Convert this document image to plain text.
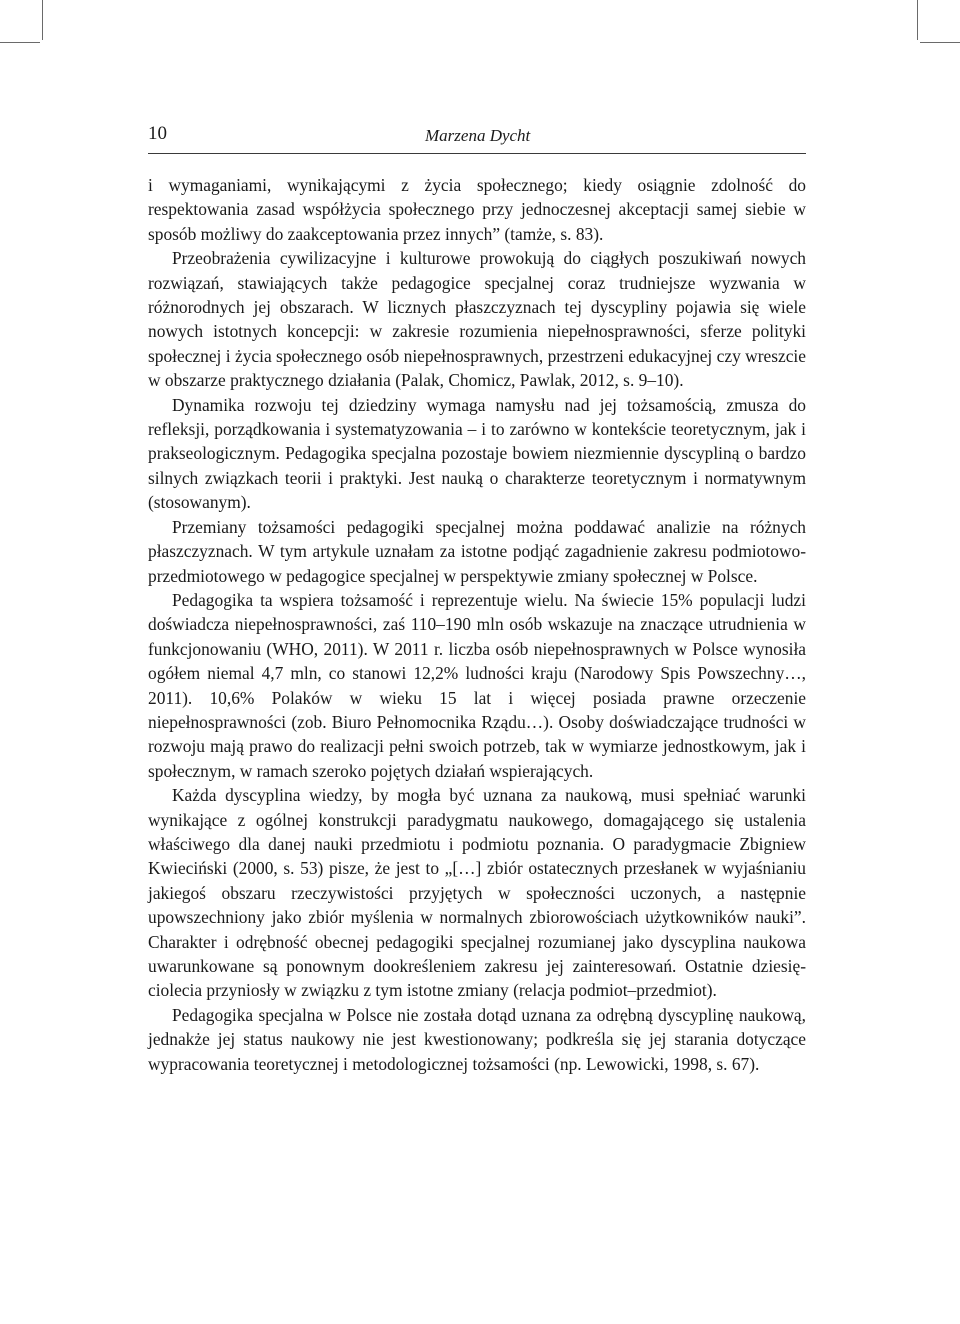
10	Marzena Dycht

i wymaganiami, wynikającymi z życia społecznego; kiedy osiągnie zdolność do respektowania zasad współżycia społecznego przy jednoczesnej akceptacji samej siebie w sposób możliwy do zaakceptowania przez innych” (tamże, s. 83).

Przeobrażenia cywilizacyjne i kulturowe prowokują do ciągłych poszukiwań nowych rozwiązań, stawiających także pedagogice specjalnej coraz trudniejsze wyzwania w różnorodnych jej obszarach. W licznych płaszczyznach tej dyscypliny pojawia się wiele nowych istotnych koncepcji: w zakresie rozumienia niepełnosprawności, sferze polityki społecznej i życia społecznego osób niepełnosprawnych, przestrzeni edukacyjnej czy wreszcie w obszarze praktycznego działania (Palak, Chomicz, Pawlak, 2012, s. 9–10).

Dynamika rozwoju tej dziedziny wymaga namysłu nad jej tożsamością, zmusza do refleksji, porządkowania i systematyzowania – i to zarówno w kontekście teoretycznym, jak i prakseologicznym. Pedagogika specjalna pozostaje bowiem niezmiennie dyscypliną o bardzo silnych związkach teorii i praktyki. Jest nauką o charakterze teoretycznym i normatywnym (stosowanym).

Przemiany tożsamości pedagogiki specjalnej można poddawać analizie na różnych płaszczyznach. W tym artykule uznałam za istotne podjąć zagadnienie zakresu podmiotowo-przedmiotowego w pedagogice specjalnej w perspektywie zmiany społecznej w Polsce.

Pedagogika ta wspiera tożsamość i reprezentuje wielu. Na świecie 15% populacji ludzi doświadcza niepełnosprawności, zaś 110–190 mln osób wskazuje na znaczące utrudnienia w funkcjonowaniu (WHO, 2011). W 2011 r. liczba osób niepełnosprawnych w Polsce wynosiła ogółem niemal 4,7 mln, co stanowi 12,2% ludności kraju (Narodowy Spis Powszechny…, 2011). 10,6% Polaków w wieku 15 lat i więcej posiada prawne orzeczenie niepełnosprawności (zob. Biuro Pełnomocnika Rządu…). Osoby doświadczające trudności w rozwoju mają prawo do realizacji pełni swoich potrzeb, tak w wymiarze jednostkowym, jak i społecznym, w ramach szeroko pojętych działań wspierających.

Każda dyscyplina wiedzy, by mogła być uznana za naukową, musi spełniać warunki wynikające z ogólnej konstrukcji paradygmatu naukowego, domagającego się ustalenia właściwego dla danej nauki przedmiotu i podmiotu poznania. O paradygmacie Zbigniew Kwieciński (2000, s. 53) pisze, że jest to „[…] zbiór ostatecznych przesłanek w wyjaśnianiu jakiegoś obszaru rzeczywistości przyjętych w społeczności uczonych, a następnie upowszechniony jako zbiór myślenia w normalnych zbiorowościach użytkowników nauki”. Charakter i odrębność obecnej pedagogiki specjalnej rozumianej jako dyscyplina naukowa uwarunkowane są ponownym dookreśleniem zakresu jej zainteresowań. Ostatnie dziesięciolecia przyniosły w związku z tym istotne zmiany (relacja podmiot–przedmiot).

Pedagogika specjalna w Polsce nie została dotąd uznana za odrębną dyscyplinę naukową, jednakże jej status naukowy nie jest kwestionowany; podkreśla się jej starania dotyczące wypracowania teoretycznej i metodologicznej tożsamości (np. Lewowicki, 1998, s. 67).
